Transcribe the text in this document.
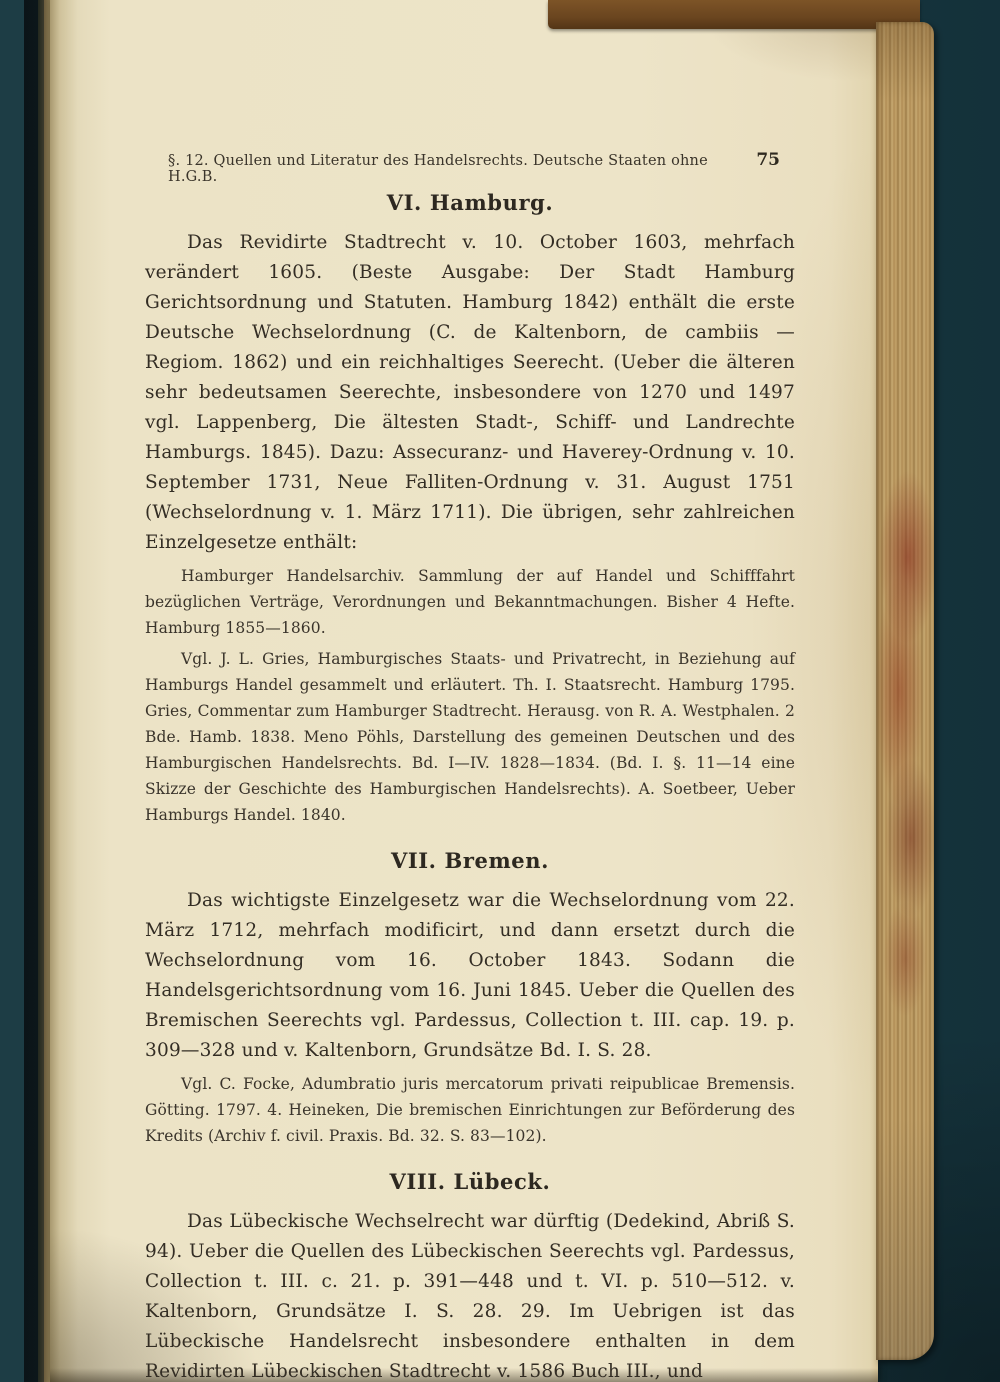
§. 12. Quellen und Literatur des Handelsrechts. Deutsche Staaten ohne H.G.B.
75
VI. Hamburg.

Das Revidirte Stadtrecht v. 10. October 1603, mehrfach verändert 1605. (Beste Ausgabe: Der Stadt Hamburg Gerichtsordnung und Statuten. Hamburg 1842) enthält die erste Deutsche Wechselordnung (C. de Kaltenborn, de cambiis — Regiom. 1862) und ein reichhaltiges Seerecht. (Ueber die älteren sehr bedeutsamen Seerechte, insbesondere von 1270 und 1497 vgl. Lappenberg, Die ältesten Stadt-, Schiff- und Landrechte Hamburgs. 1845). Dazu: Assecuranz- und Haverey-Ordnung v. 10. September 1731, Neue Falliten-Ordnung v. 31. August 1751 (Wechselordnung v. 1. März 1711). Die übrigen, sehr zahlreichen Einzelgesetze enthält:

Hamburger Handelsarchiv. Sammlung der auf Handel und Schifffahrt bezüglichen Verträge, Verordnungen und Bekanntmachungen. Bisher 4 Hefte. Hamburg 1855—1860.

Vgl. J. L. Gries, Hamburgisches Staats- und Privatrecht, in Beziehung auf Hamburgs Handel gesammelt und erläutert. Th. I. Staatsrecht. Hamburg 1795. Gries, Commentar zum Hamburger Stadtrecht. Herausg. von R. A. Westphalen. 2 Bde. Hamb. 1838. Meno Pöhls, Darstellung des gemeinen Deutschen und des Hamburgischen Handelsrechts. Bd. I—IV. 1828—1834. (Bd. I. §. 11—14 eine Skizze der Geschichte des Hamburgischen Handelsrechts). A. Soetbeer, Ueber Hamburgs Handel. 1840.

VII. Bremen.

Das wichtigste Einzelgesetz war die Wechselordnung vom 22. März 1712, mehrfach modificirt, und dann ersetzt durch die Wechselordnung vom 16. October 1843. Sodann die Handelsgerichtsordnung vom 16. Juni 1845. Ueber die Quellen des Bremischen Seerechts vgl. Pardessus, Collection t. III. cap. 19. p. 309—328 und v. Kaltenborn, Grundsätze Bd. I. S. 28.

Vgl. C. Focke, Adumbratio juris mercatorum privati reipublicae Bremensis. Götting. 1797. 4. Heineken, Die bremischen Einrichtungen zur Beförderung des Kredits (Archiv f. civil. Praxis. Bd. 32. S. 83—102).

VIII. Lübeck.

Das Lübeckische Wechselrecht war dürftig (Dedekind, Abriß S. 94). Ueber die Quellen des Lübeckischen Seerechts vgl. Pardessus, Collection t. III. c. 21. p. 391—448 und t. VI. p. 510—512. v. Kaltenborn, Grundsätze I. S. 28. 29. Im Uebrigen ist das Lübeckische Handelsrecht insbesondere enthalten in dem Revidirten Lübeckischen Stadtrecht v. 1586 Buch III., und
